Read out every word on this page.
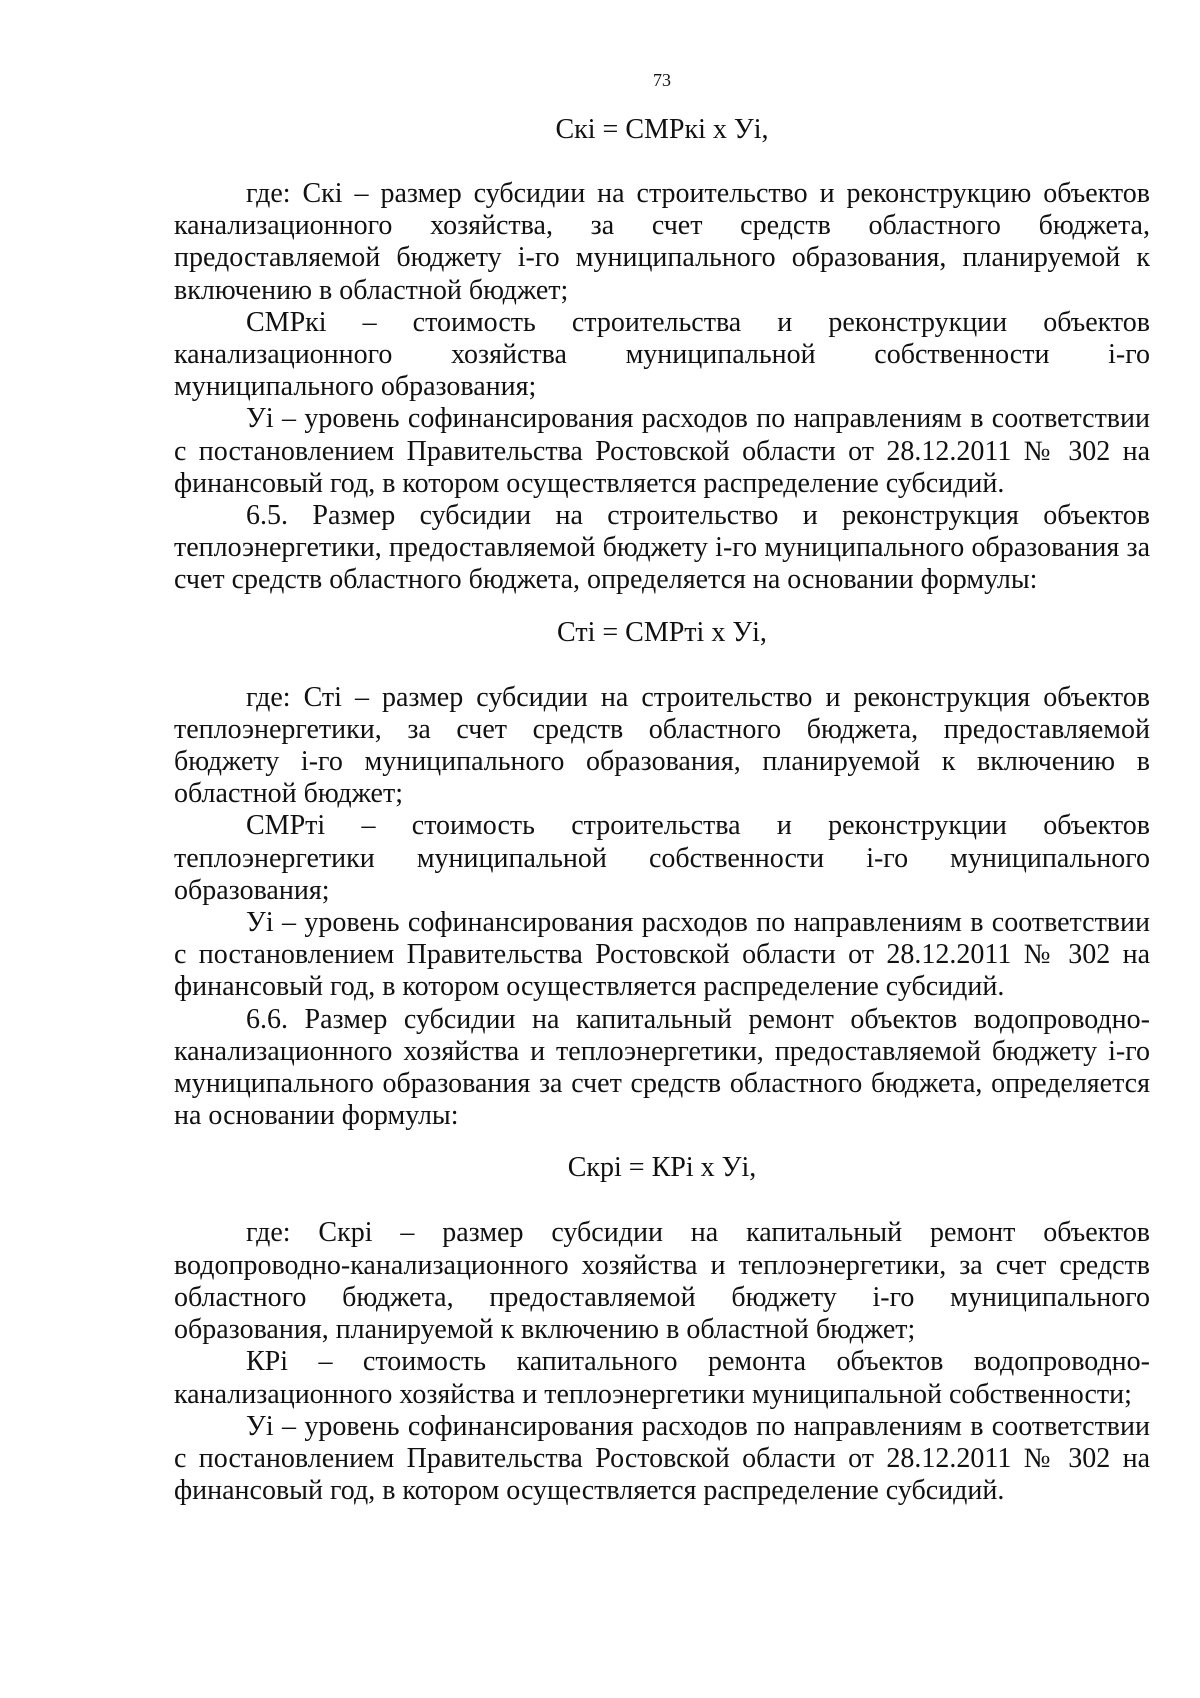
73
Скі = СМРкі х Уі,

где: Скі – размер субсидии на строительство и реконструкцию объектов канализационного хозяйства, за счет средств областного бюджета, предоставляемой бюджету і-го муниципального образования, планируемой к включению в областной бюджет;

СМРкі – стоимость строительства и реконструкции объектов канализационного хозяйства муниципальной собственности і-го муниципального образования;

Уі – уровень софинансирования расходов по направлениям в соответствии с постановлением Правительства Ростовской области от 28.12.2011 № 302 на финансовый год, в котором осуществляется распределение субсидий.

6.5. Размер субсидии на строительство и реконструкция объектов теплоэнергетики, предоставляемой бюджету і-го муниципального образования за счет средств областного бюджета, определяется на основании формулы:

Сті = СМРті х Уі,

где: Сті – размер субсидии на строительство и реконструкция объектов теплоэнергетики, за счет средств областного бюджета, предоставляемой бюджету і-го муниципального образования, планируемой к включению в областной бюджет;

СМРті – стоимость строительства и реконструкции объектов теплоэнергетики муниципальной собственности і-го муниципального образования;

Уі – уровень софинансирования расходов по направлениям в соответствии с постановлением Правительства Ростовской области от 28.12.2011 № 302 на финансовый год, в котором осуществляется распределение субсидий.

6.6. Размер субсидии на капитальный ремонт объектов водопроводно-канализационного хозяйства и теплоэнергетики, предоставляемой бюджету і-го муниципального образования за счет средств областного бюджета, определяется на основании формулы:

Скрі = КРі х Уі,

где: Скрі – размер субсидии на капитальный ремонт объектов водопроводно-канализационного хозяйства и теплоэнергетики, за счет средств областного бюджета, предоставляемой бюджету і-го муниципального образования, планируемой к включению в областной бюджет;

КРі – стоимость капитального ремонта объектов водопроводно-канализационного хозяйства и теплоэнергетики муниципальной собственности;

Уі – уровень софинансирования расходов по направлениям в соответствии с постановлением Правительства Ростовской области от 28.12.2011 № 302 на финансовый год, в котором осуществляется распределение субсидий.
